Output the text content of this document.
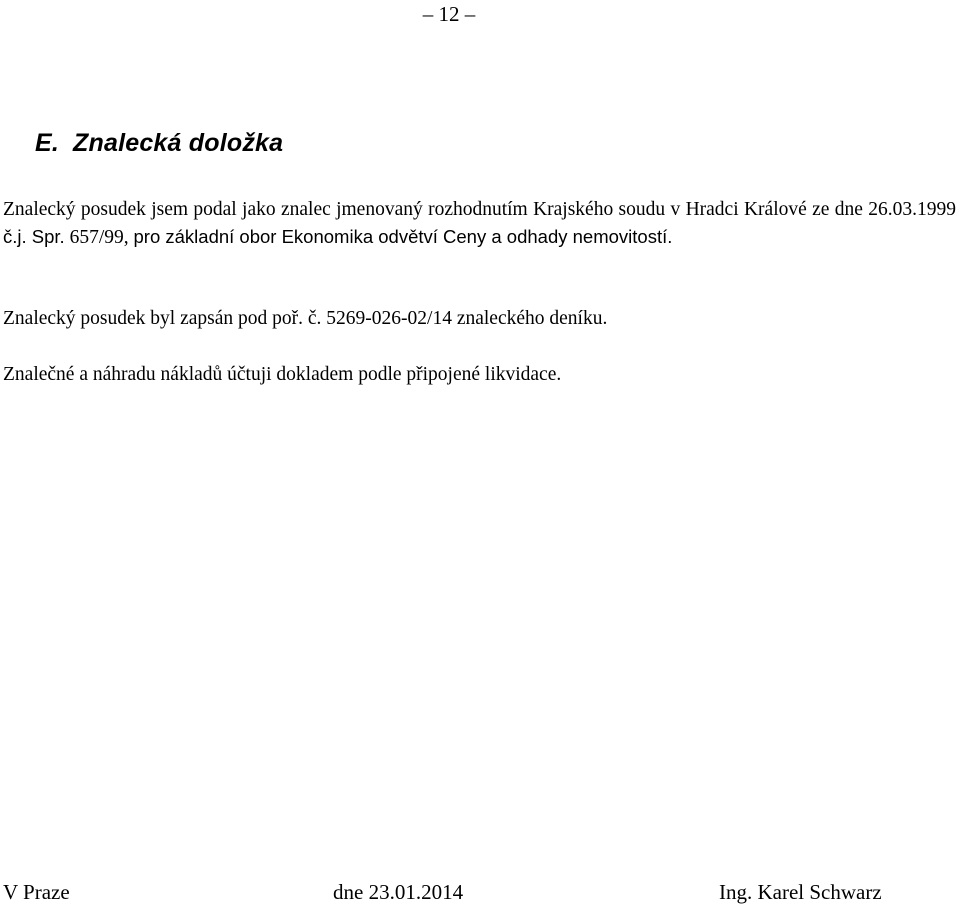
– 12 –
E. Znalecká doložka
Znalecký posudek jsem podal jako znalec jmenovaný rozhodnutím Krajského soudu v Hradci Králové ze dne 26.03.1999 č.j. Spr. 657/99, pro základní obor Ekonomika odvětví Ceny a odhady nemovitostí.
Znalecký posudek byl zapsán pod poř. č. 5269-026-02/14 znaleckého deníku.
Znalečné a náhradu nákladů účtuji dokladem podle připojené likvidace.
V Praze	dne 23.01.2014	Ing. Karel Schwarz
